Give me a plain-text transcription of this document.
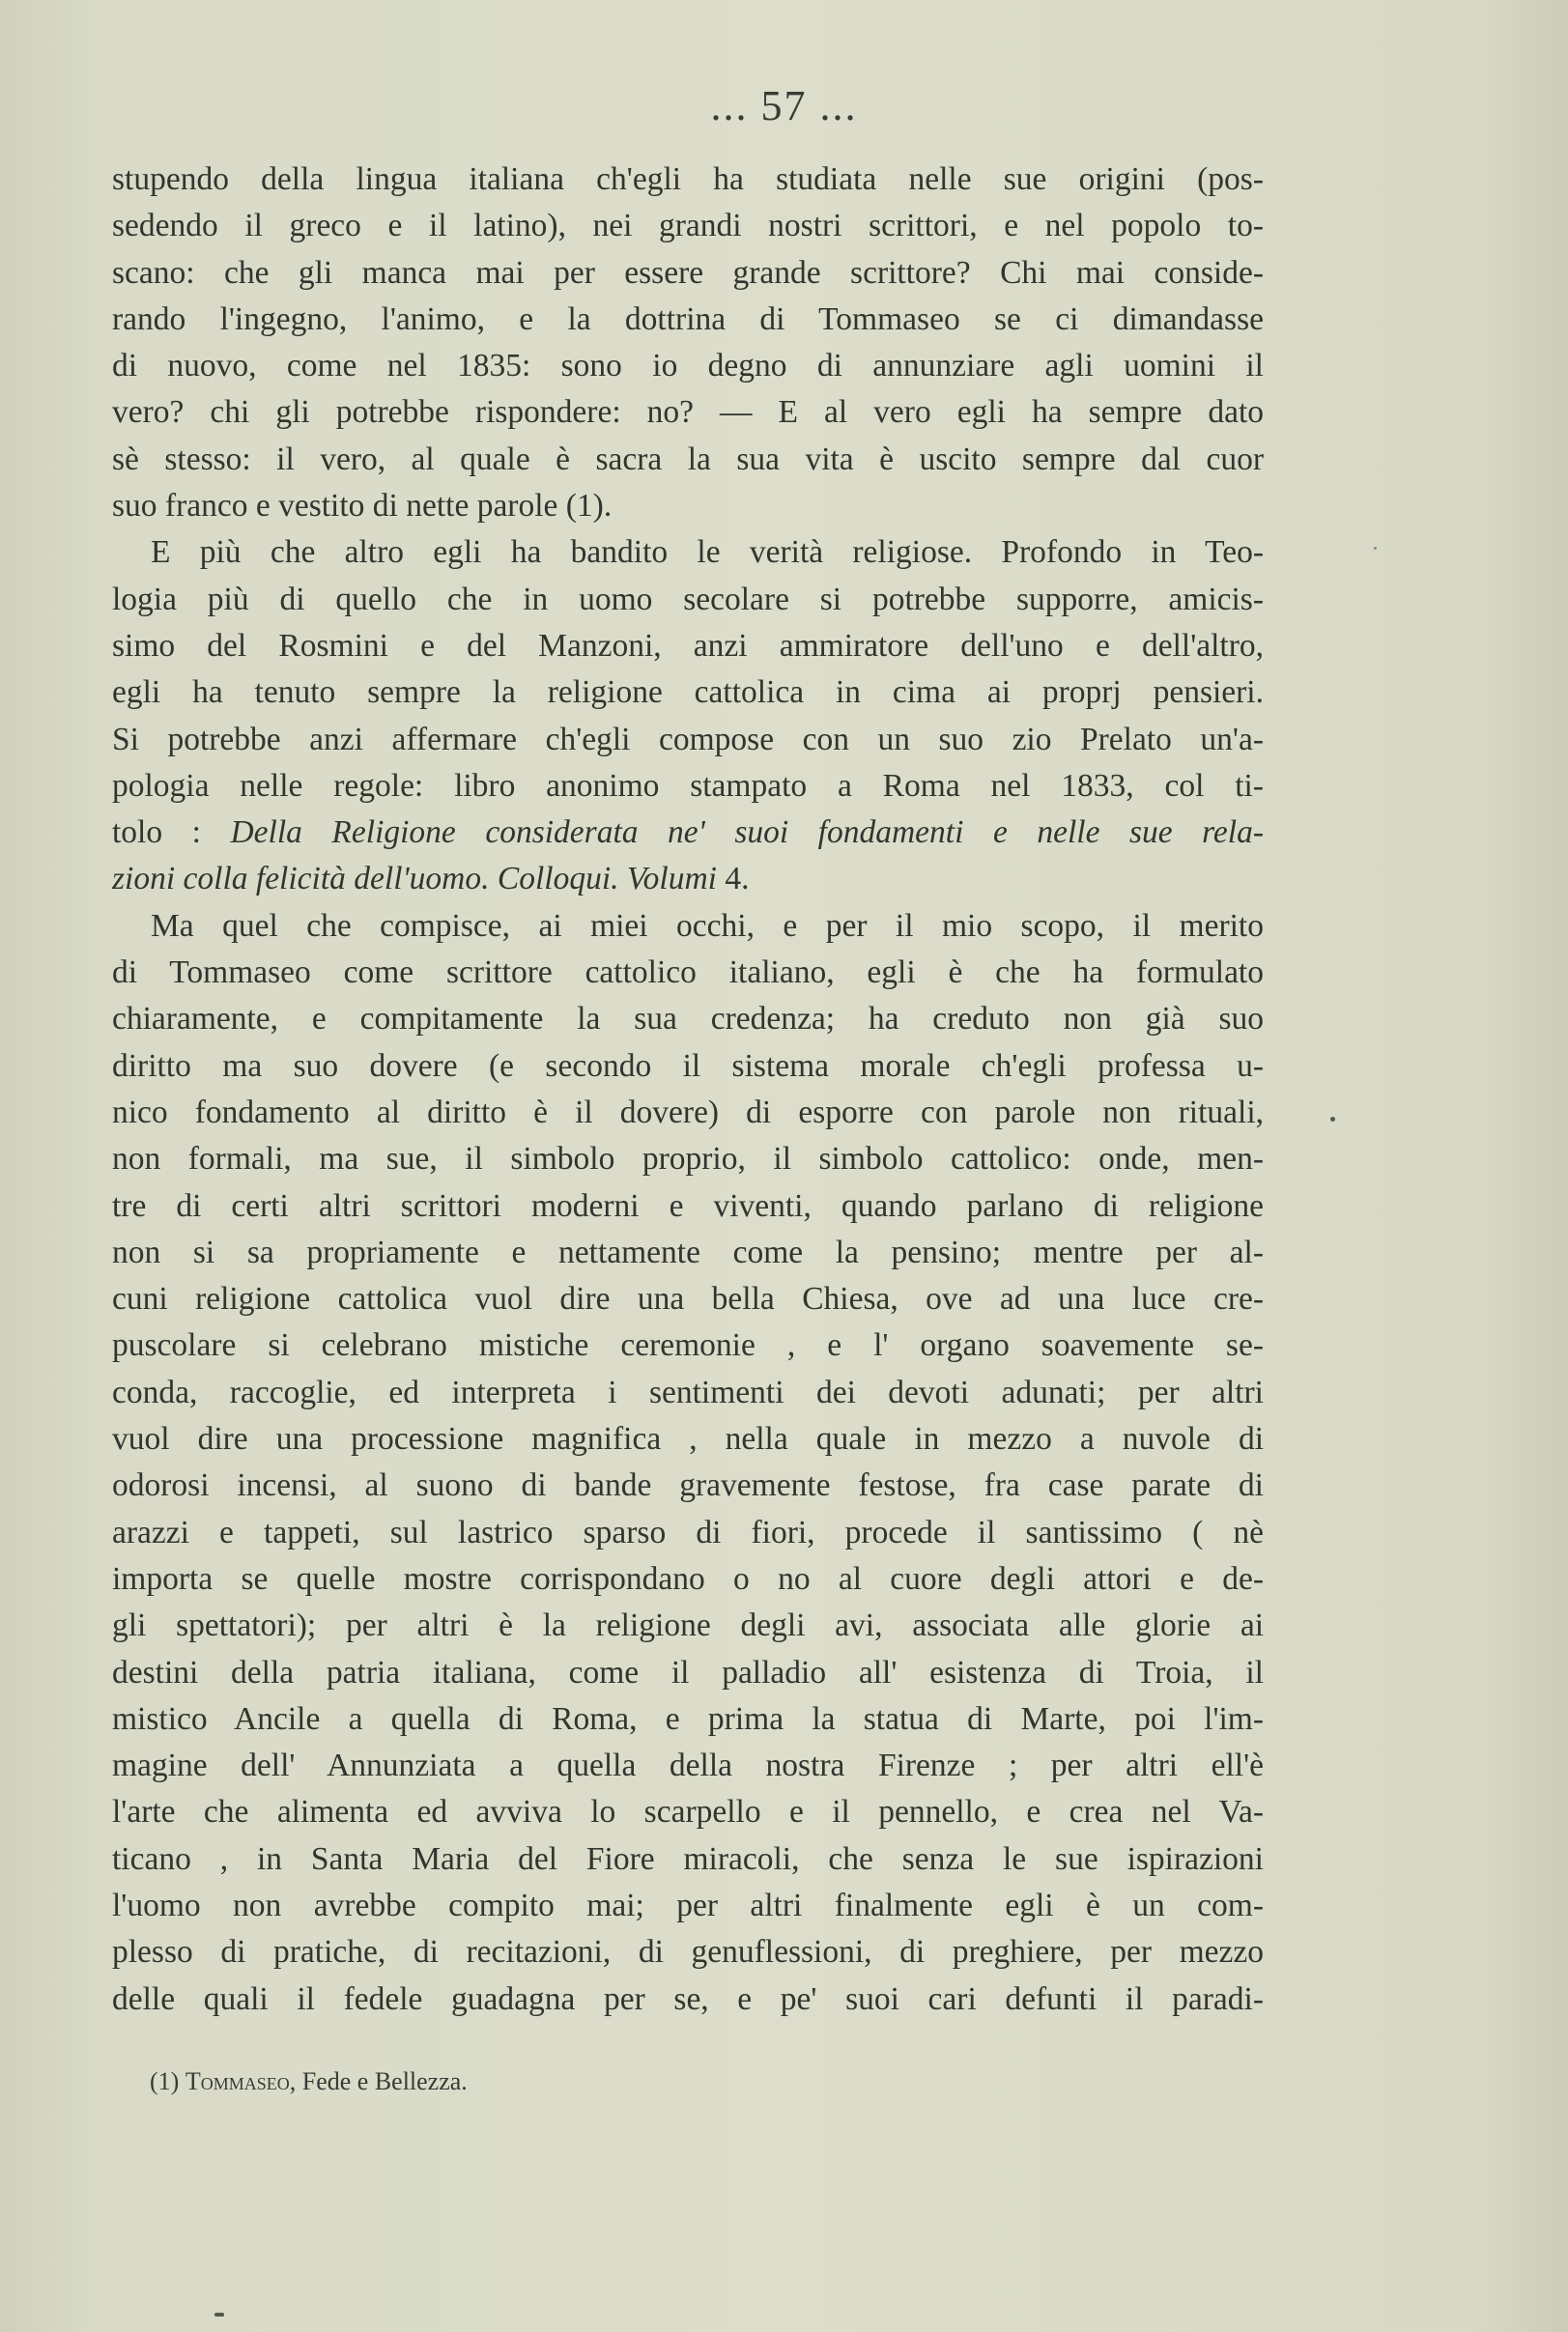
... 57 ...
stupendo della lingua italiana ch'egli ha studiata nelle sue origini (pos-
sedendo il greco e il latino), nei grandi nostri scrittori, e nel popolo to-
scano: che gli manca mai per essere grande scrittore? Chi mai conside-
rando l'ingegno, l'animo, e la dottrina di Tommaseo se ci dimandasse
di nuovo, come nel 1835: sono io degno di annunziare agli uomini il
vero? chi gli potrebbe rispondere: no? — E al vero egli ha sempre dato
sè stesso: il vero, al quale è sacra la sua vita è uscito sempre dal cuor
suo franco e vestito di nette parole (1).
E più che altro egli ha bandito le verità religiose. Profondo in Teo-
logia più di quello che in uomo secolare si potrebbe supporre, amicis-
simo del Rosmini e del Manzoni, anzi ammiratore dell'uno e dell'altro,
egli ha tenuto sempre la religione cattolica in cima ai proprj pensieri.
Si potrebbe anzi affermare ch'egli compose con un suo zio Prelato un'a-
pologia nelle regole: libro anonimo stampato a Roma nel 1833, col ti-
tolo : Della Religione considerata ne' suoi fondamenti e nelle sue rela-
zioni colla felicità dell'uomo. Colloqui. Volumi 4.
Ma quel che compisce, ai miei occhi, e per il mio scopo, il merito
di Tommaseo come scrittore cattolico italiano, egli è che ha formulato
chiaramente, e compitamente la sua credenza; ha creduto non già suo
diritto ma suo dovere (e secondo il sistema morale ch'egli professa u-
nico fondamento al diritto è il dovere) di esporre con parole non rituali,
non formali, ma sue, il simbolo proprio, il simbolo cattolico: onde, men-
tre di certi altri scrittori moderni e viventi, quando parlano di religione
non si sa propriamente e nettamente come la pensino; mentre per al-
cuni religione cattolica vuol dire una bella Chiesa, ove ad una luce cre-
puscolare si celebrano mistiche ceremonie , e l' organo soavemente se-
conda, raccoglie, ed interpreta i sentimenti dei devoti adunati; per altri
vuol dire una processione magnifica , nella quale in mezzo a nuvole di
odorosi incensi, al suono di bande gravemente festose, fra case parate di
arazzi e tappeti, sul lastrico sparso di fiori, procede il santissimo ( nè
importa se quelle mostre corrispondano o no al cuore degli attori e de-
gli spettatori); per altri è la religione degli avi, associata alle glorie ai
destini della patria italiana, come il palladio all' esistenza di Troia, il
mistico Ancile a quella di Roma, e prima la statua di Marte, poi l'im-
magine dell' Annunziata a quella della nostra Firenze ; per altri ell'è
l'arte che alimenta ed avviva lo scarpello e il pennello, e crea nel Va-
ticano , in Santa Maria del Fiore miracoli, che senza le sue ispirazioni
l'uomo non avrebbe compito mai; per altri finalmente egli è un com-
plesso di pratiche, di recitazioni, di genuflessioni, di preghiere, per mezzo
delle quali il fedele guadagna per se, e pe' suoi cari defunti il paradi-
(1) Tommaseo, Fede e Bellezza.
